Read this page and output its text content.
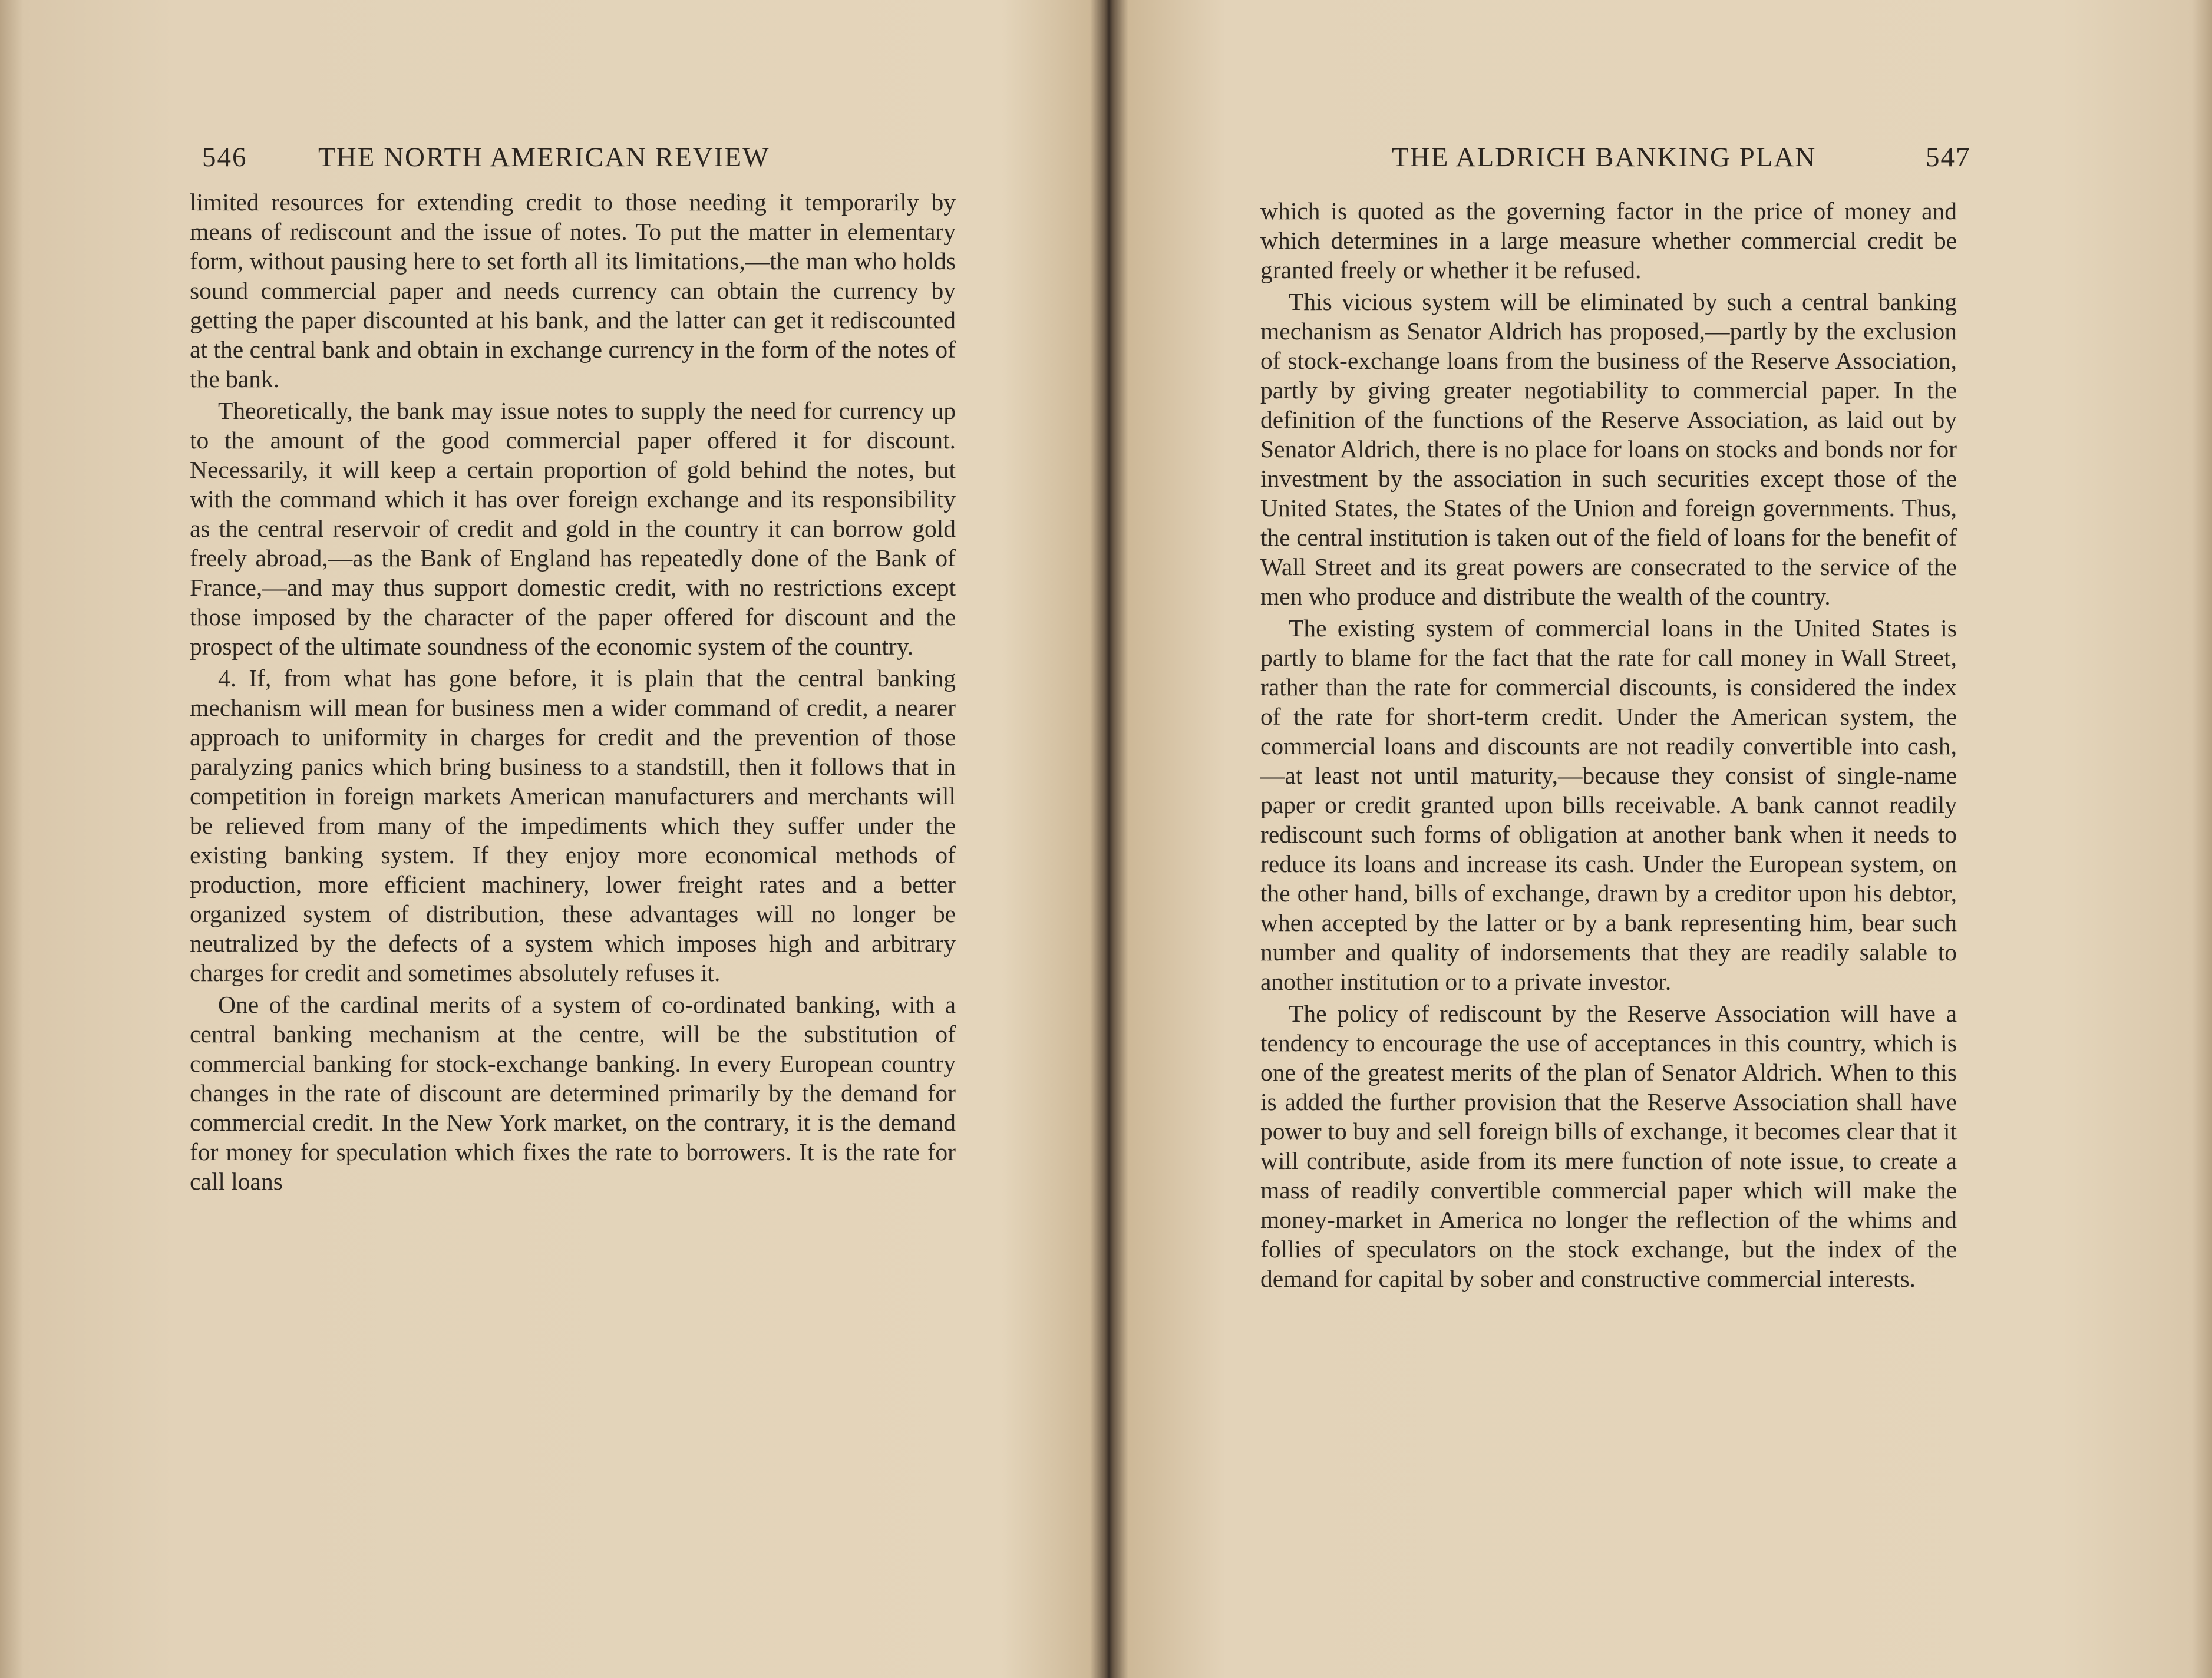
546	THE NORTH AMERICAN REVIEW

limited resources for extending credit to those needing it temporarily by means of rediscount and the issue of notes. To put the matter in elementary form, without pausing here to set forth all its limitations,—the man who holds sound commercial paper and needs currency can obtain the currency by getting the paper discounted at his bank, and the latter can get it rediscounted at the central bank and obtain in exchange currency in the form of the notes of the bank.

Theoretically, the bank may issue notes to supply the need for currency up to the amount of the good commercial paper offered it for discount. Necessarily, it will keep a certain proportion of gold behind the notes, but with the command which it has over foreign exchange and its responsibility as the central reservoir of credit and gold in the country it can borrow gold freely abroad,—as the Bank of England has repeatedly done of the Bank of France,—and may thus support domestic credit, with no restrictions except those imposed by the character of the paper offered for discount and the prospect of the ultimate soundness of the economic system of the country.

4. If, from what has gone before, it is plain that the central banking mechanism will mean for business men a wider command of credit, a nearer approach to uniformity in charges for credit and the prevention of those paralyzing panics which bring business to a standstill, then it follows that in competition in foreign markets American manufacturers and merchants will be relieved from many of the impediments which they suffer under the existing banking system. If they enjoy more economical methods of production, more efficient machinery, lower freight rates and a better organized system of distribution, these advantages will no longer be neutralized by the defects of a system which imposes high and arbitrary charges for credit and sometimes absolutely refuses it.

One of the cardinal merits of a system of co-ordinated banking, with a central banking mechanism at the centre, will be the substitution of commercial banking for stock-exchange banking. In every European country changes in the rate of discount are determined primarily by the demand for commercial credit. In the New York market, on the contrary, it is the demand for money for speculation which fixes the rate to borrowers. It is the rate for call loans

THE ALDRICH BANKING PLAN	547

which is quoted as the governing factor in the price of money and which determines in a large measure whether commercial credit be granted freely or whether it be refused.

This vicious system will be eliminated by such a central banking mechanism as Senator Aldrich has proposed,—partly by the exclusion of stock-exchange loans from the business of the Reserve Association, partly by giving greater negotiability to commercial paper. In the definition of the functions of the Reserve Association, as laid out by Senator Aldrich, there is no place for loans on stocks and bonds nor for investment by the association in such securities except those of the United States, the States of the Union and foreign governments. Thus, the central institution is taken out of the field of loans for the benefit of Wall Street and its great powers are consecrated to the service of the men who produce and distribute the wealth of the country.

The existing system of commercial loans in the United States is partly to blame for the fact that the rate for call money in Wall Street, rather than the rate for commercial discounts, is considered the index of the rate for short-term credit. Under the American system, the commercial loans and discounts are not readily convertible into cash,—at least not until maturity,—because they consist of single-name paper or credit granted upon bills receivable. A bank cannot readily rediscount such forms of obligation at another bank when it needs to reduce its loans and increase its cash. Under the European system, on the other hand, bills of exchange, drawn by a creditor upon his debtor, when accepted by the latter or by a bank representing him, bear such number and quality of indorsements that they are readily salable to another institution or to a private investor.

The policy of rediscount by the Reserve Association will have a tendency to encourage the use of acceptances in this country, which is one of the greatest merits of the plan of Senator Aldrich. When to this is added the further provision that the Reserve Association shall have power to buy and sell foreign bills of exchange, it becomes clear that it will contribute, aside from its mere function of note issue, to create a mass of readily convertible commercial paper which will make the money-market in America no longer the reflection of the whims and follies of speculators on the stock exchange, but the index of the demand for capital by sober and constructive commercial interests.
